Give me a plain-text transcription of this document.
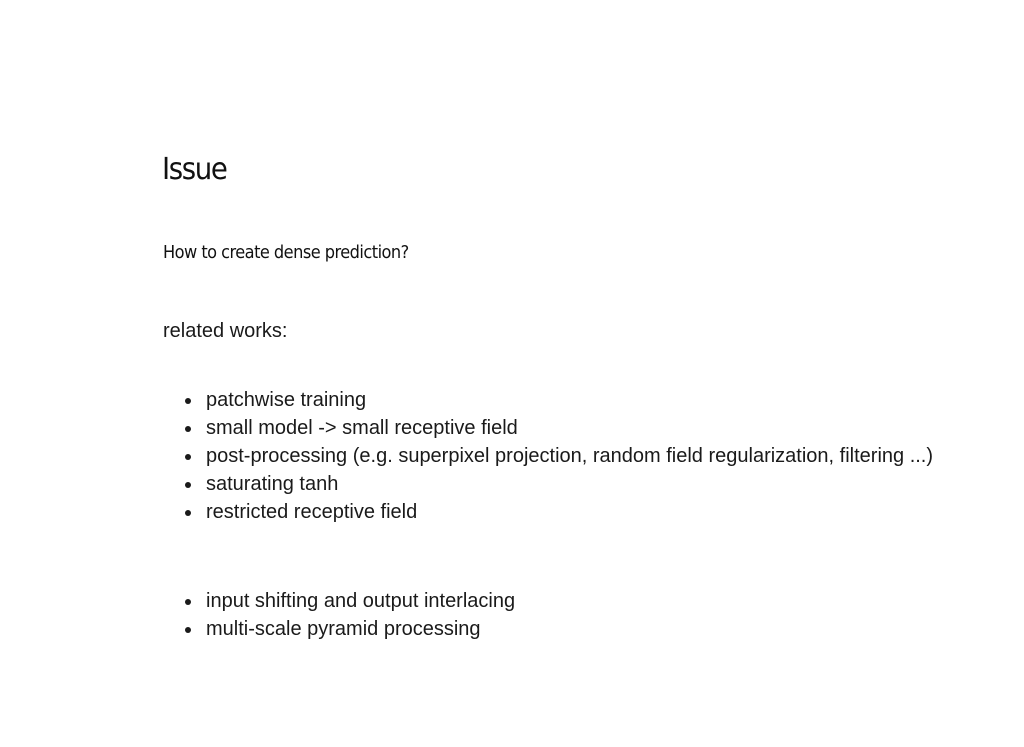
Issue
How to create dense prediction?

related works:

patchwise training
small model -> small receptive field
post-processing (e.g. superpixel projection, random field regularization, filtering ...)
saturating tanh
restricted receptive field
input shifting and output interlacing
multi-scale pyramid processing
